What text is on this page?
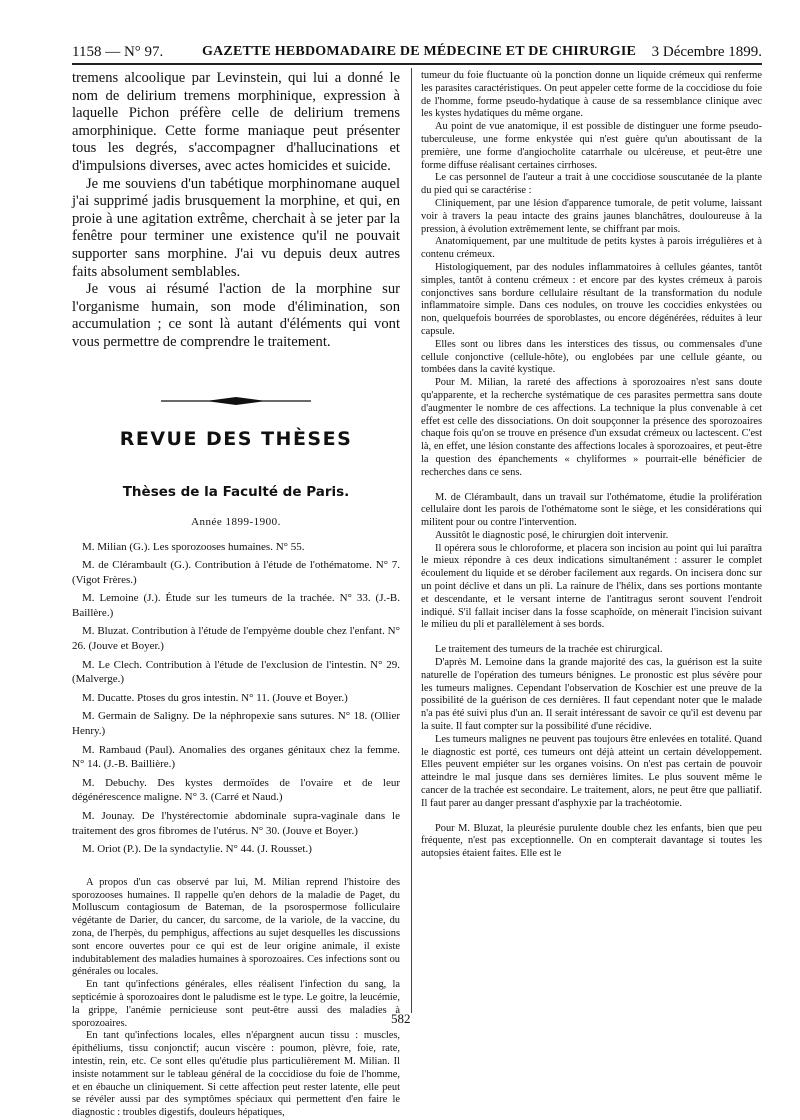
1158 — N° 97.	GAZETTE HEBDOMADAIRE DE MÉDECINE ET DE CHIRURGIE 3 Décembre 1899.

tremens alcoolique par Levinstein, qui lui a donné le nom de delirium tremens morphinique, expression à laquelle Pichon préfère celle de delirium tremens amorphinique. Cette forme maniaque peut présenter tous les degrés, s'accompagner d'hallucinations et d'impulsions diverses, avec actes homicides et suicide.

Je me souviens d'un tabétique morphinomane auquel j'ai supprimé jadis brusquement la morphine, et qui, en proie à une agitation extrême, cherchait à se jeter par la fenêtre pour terminer une existence qu'il ne pouvait supporter sans morphine. J'ai vu depuis deux autres faits absolument semblables.

Je vous ai résumé l'action de la morphine sur l'organisme humain, son mode d'élimination, son accumulation ; ce sont là autant d'éléments qui vont vous permettre de comprendre le traitement.

REVUE DES THÈSES
Thèses de la Faculté de Paris.
Année 1899-1900.

M. Milian (G.). Les sporozooses humaines. N° 55.

M. de Clérambault (G.). Contribution à l'étude de l'othématome. N° 7. (Vigot Frères.)

M. Lemoine (J.). Étude sur les tumeurs de la trachée. N° 33. (J.-B. Baillère.)

M. Bluzat. Contribution à l'étude de l'empyème double chez l'enfant. N° 26. (Jouve et Boyer.)

M. Le Clech. Contribution à l'étude de l'exclusion de l'intestin. N° 29. (Malverge.)

M. Ducatte. Ptoses du gros intestin. N° 11. (Jouve et Boyer.)

M. Germain de Saligny. De la néphropexie sans sutures. N° 18. (Ollier Henry.)

M. Rambaud (Paul). Anomalies des organes génitaux chez la femme. N° 14. (J.-B. Baillière.)

M. Debuchy. Des kystes dermoïdes de l'ovaire et de leur dégénérescence maligne. N° 3. (Carré et Naud.)

M. Jounay. De l'hystérectomie abdominale supra-vaginale dans le traitement des gros fibromes de l'utérus. N° 30. (Jouve et Boyer.)

M. Oriot (P.). De la syndactylie. N° 44. (J. Rousset.)

A propos d'un cas observé par lui, M. Milian reprend l'histoire des sporozooses humaines. Il rappelle qu'en dehors de la maladie de Paget, du Molluscum contagiosum de Bateman, de la psorospermose folliculaire végétante de Darier, du cancer, du sarcome, de la variole, de la vaccine, du zona, de l'herpès, du pemphigus, affections au sujet desquelles les discussions sont encore ouvertes pour ce qui est de leur origine animale, il existe indubitablement des maladies humaines à sporozoaires. Ces infections sont ou générales ou locales.

En tant qu'infections générales, elles réalisent l'infection du sang, la septicémie à sporozoaires dont le paludisme est le type. Le goitre, la leucémie, la grippe, l'anémie pernicieuse sont peut-être aussi des maladies à sporozoaires.

En tant qu'infections locales, elles n'épargnent aucun tissu : muscles, épithéliums, tissu conjonctif; aucun viscère : poumon, plèvre, foie, rate, intestin, rein, etc. Ce sont elles qu'étudie plus particulièrement M. Milian. Il insiste notamment sur le tableau général de la coccidiose du foie de l'homme, et en ébauche un cliniquement. Si cette affection peut rester latente, elle peut se révéler aussi par des symptômes spéciaux qui permettent d'en faire le diagnostic : troubles digestifs, douleurs hépatiques,

tumeur du foie fluctuante où la ponction donne un liquide crémeux qui renferme les parasites caractéristiques. On peut appeler cette forme de la coccidiose du foie de l'homme, forme pseudo-hydatique à cause de sa ressemblance clinique avec les kystes hydatiques du même organe.

Au point de vue anatomique, il est possible de distinguer une forme pseudo-tuberculeuse, une forme enkystée qui n'est guère qu'un aboutissant de la première, une forme d'angiocholite catarrhale ou ulcéreuse, et peut-être une forme diffuse réalisant certaines cirrhoses.

Le cas personnel de l'auteur a trait à une coccidiose souscutanée de la plante du pied qui se caractérise :

Cliniquement, par une lésion d'apparence tumorale, de petit volume, laissant voir à travers la peau intacte des grains jaunes blanchâtres, douloureuse à la pression, à évolution extrêmement lente, se chiffrant par mois.

Anatomiquement, par une multitude de petits kystes à parois irrégulières et à contenu crémeux.

Histologiquement, par des nodules inflammatoires à cellules géantes, tantôt simples, tantôt à contenu crémeux : et encore par des kystes crémeux à parois conjonctives sans bordure cellulaire résultant de la transformation du nodule inflammatoire simple. Dans ces nodules, on trouve les coccidies enkystées ou non, quelquefois bourrées de sporoblastes, ou encore dégénérées, réduites à leur capsule.

Elles sont ou libres dans les interstices des tissus, ou commensales d'une cellule conjonctive (cellule-hôte), ou englobées par une cellule géante, ou tombées dans la cavité kystique.

Pour M. Milian, la rareté des affections à sporozoaires n'est sans doute qu'apparente, et la recherche systématique de ces parasites permettra sans doute d'augmenter le nombre de ces affections. La technique la plus convenable à cet effet est celle des dissociations. On doit soupçonner la présence des sporozoaires chaque fois qu'on se trouve en présence d'un exsudat crémeux ou lactescent. C'est là, en effet, une lésion constante des affections locales à sporozoaires, et peut-être la question des épanchements « chyliformes » pourrait-elle bénéficier de recherches dans ce sens.

M. de Clérambault, dans un travail sur l'othématome, étudie la prolifération cellulaire dont les parois de l'othématome sont le siège, et les considérations qui militent pour ou contre l'intervention.

Aussitôt le diagnostic posé, le chirurgien doit intervenir.

Il opérera sous le chloroforme, et placera son incision au point qui lui paraîtra le mieux répondre à ces deux indications simultanément : assurer le complet écoulement du liquide et se dérober facilement aux regards. On incisera donc sur un point déclive et dans un pli. La rainure de l'hélix, dans ses portions montante et descendante, et le versant interne de l'antitragus seront souvent l'endroit indiqué. S'il fallait inciser dans la fosse scaphoïde, on mènerait l'incision suivant le milieu du pli et parallèlement à ses bords.

Le traitement des tumeurs de la trachée est chirurgical.

D'après M. Lemoine dans la grande majorité des cas, la guérison est la suite naturelle de l'opération des tumeurs bénignes. Le pronostic est plus sévère pour les tumeurs malignes. Cependant l'observation de Koschier est une preuve de la possibilité de la guérison de ces dernières. Il faut cependant noter que le malade n'a pas été suivi plus d'un an. Il serait intéressant de savoir ce qu'il est devenu par la suite. Il faut compter sur la possibilité d'une récidive.

Les tumeurs malignes ne peuvent pas toujours être enlevées en totalité. Quand le diagnostic est porté, ces tumeurs ont déjà atteint un certain développement. Elles peuvent empiéter sur les organes voisins. On n'est pas certain de pouvoir atteindre le mal jusque dans ses dernières limites. Le plus souvent même le cancer de la trachée est secondaire. Le traitement, alors, ne peut être que palliatif. Il faut parer au danger pressant d'asphyxie par la trachéotomie.

Pour M. Bluzat, la pleurésie purulente double chez les enfants, bien que peu fréquente, n'est pas exceptionnelle. On en compterait davantage si toutes les autopsies étaient faites. Elle est le

582
